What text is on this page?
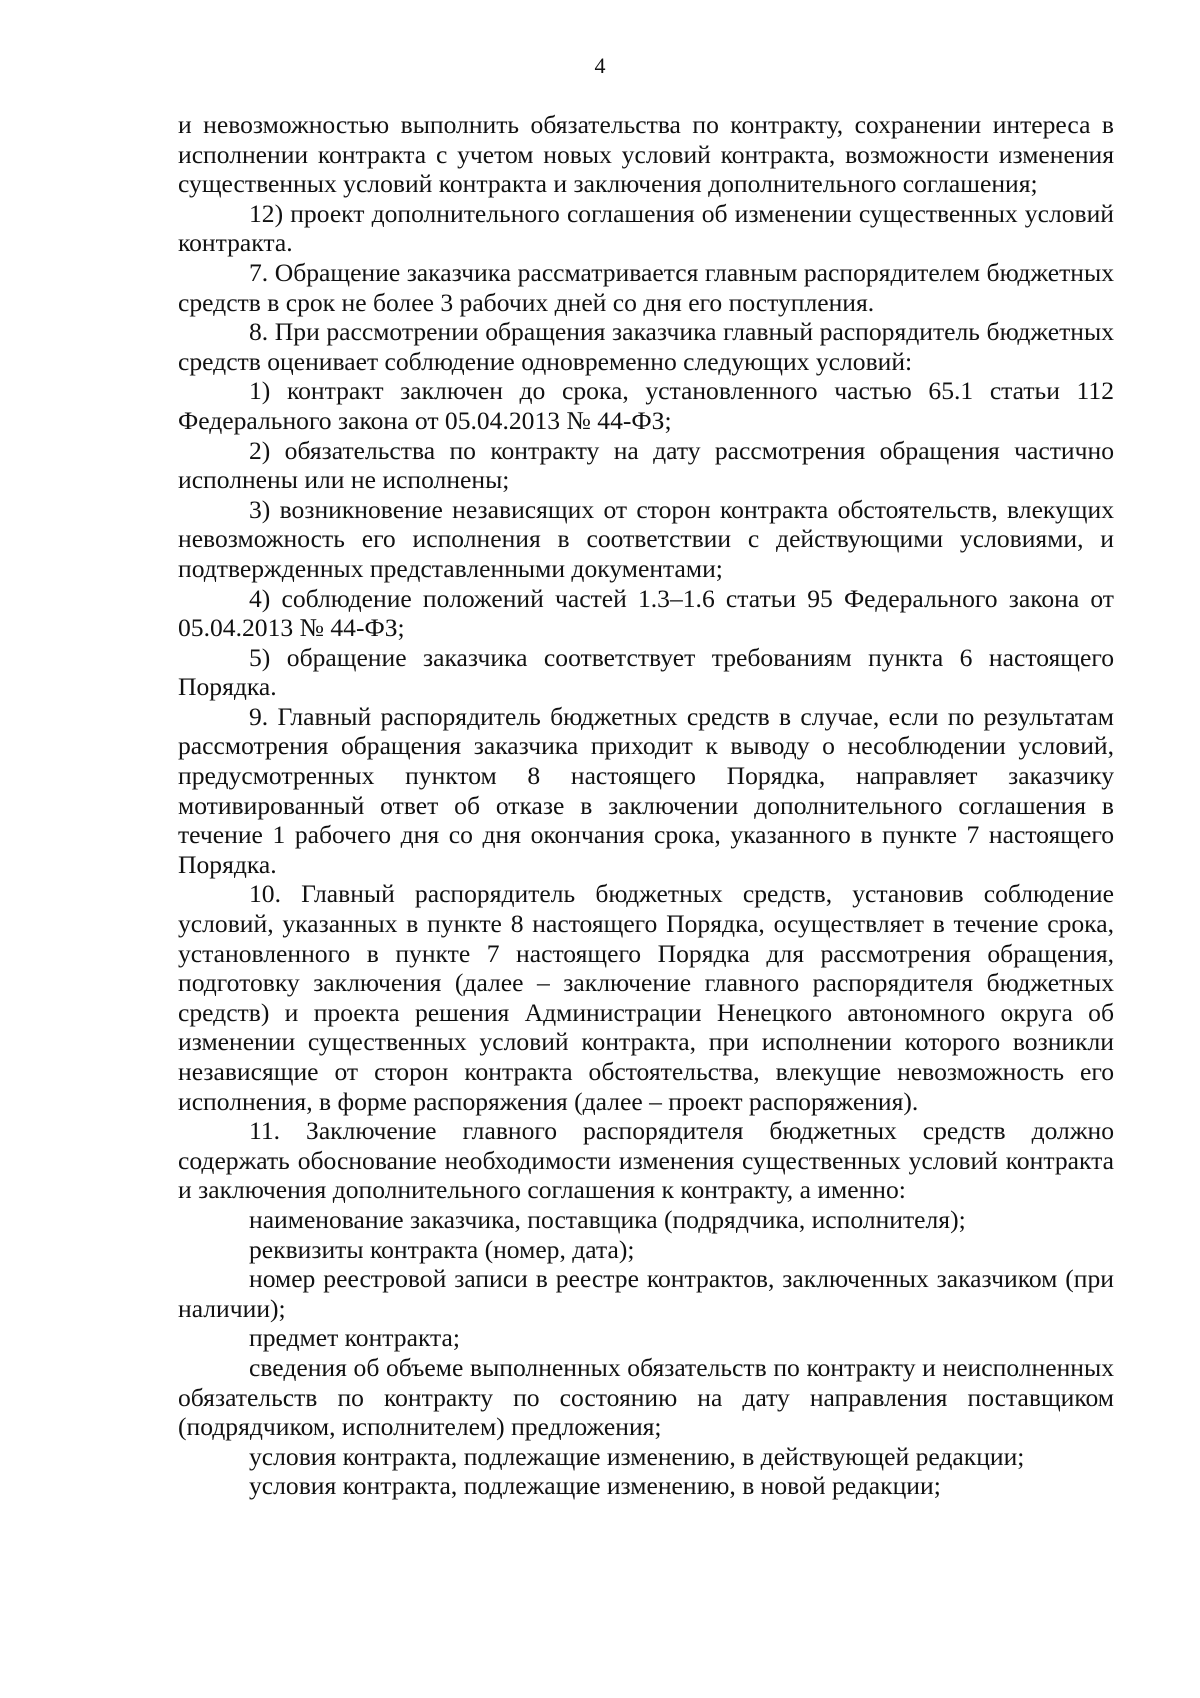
4

и невозможностью выполнить обязательства по контракту, сохранении интереса в исполнении контракта с учетом новых условий контракта, возможности изменения существенных условий контракта и заключения дополнительного соглашения;

12) проект дополнительного соглашения об изменении существенных условий контракта.

7. Обращение заказчика рассматривается главным распорядителем бюджетных средств в срок не более 3 рабочих дней со дня его поступления.

8. При рассмотрении обращения заказчика главный распорядитель бюджетных средств оценивает соблюдение одновременно следующих условий:

1) контракт заключен до срока, установленного частью 65.1 статьи 112 Федерального закона от 05.04.2013 № 44-ФЗ;

2) обязательства по контракту на дату рассмотрения обращения частично исполнены или не исполнены;

3) возникновение независящих от сторон контракта обстоятельств, влекущих невозможность его исполнения в соответствии с действующими условиями, и подтвержденных представленными документами;

4) соблюдение положений частей 1.3–1.6 статьи 95 Федерального закона от 05.04.2013 № 44-ФЗ;

5) обращение заказчика соответствует требованиям пункта 6 настоящего Порядка.

9. Главный распорядитель бюджетных средств в случае, если по результатам рассмотрения обращения заказчика приходит к выводу о несоблюдении условий, предусмотренных пунктом 8 настоящего Порядка, направляет заказчику мотивированный ответ об отказе в заключении дополнительного соглашения в течение 1 рабочего дня со дня окончания срока, указанного в пункте 7 настоящего Порядка.

10. Главный распорядитель бюджетных средств, установив соблюдение условий, указанных в пункте 8 настоящего Порядка, осуществляет в течение срока, установленного в пункте 7 настоящего Порядка для рассмотрения обращения, подготовку заключения (далее – заключение главного распорядителя бюджетных средств) и проекта решения Администрации Ненецкого автономного округа об изменении существенных условий контракта, при исполнении которого возникли независящие от сторон контракта обстоятельства, влекущие невозможность его исполнения, в форме распоряжения (далее – проект распоряжения).

11. Заключение главного распорядителя бюджетных средств должно содержать обоснование необходимости изменения существенных условий контракта и заключения дополнительного соглашения к контракту, а именно:

наименование заказчика, поставщика (подрядчика, исполнителя);

реквизиты контракта (номер, дата);

номер реестровой записи в реестре контрактов, заключенных заказчиком (при наличии);

предмет контракта;

сведения об объеме выполненных обязательств по контракту и неисполненных обязательств по контракту по состоянию на дату направления поставщиком (подрядчиком, исполнителем) предложения;

условия контракта, подлежащие изменению, в действующей редакции;

условия контракта, подлежащие изменению, в новой редакции;
